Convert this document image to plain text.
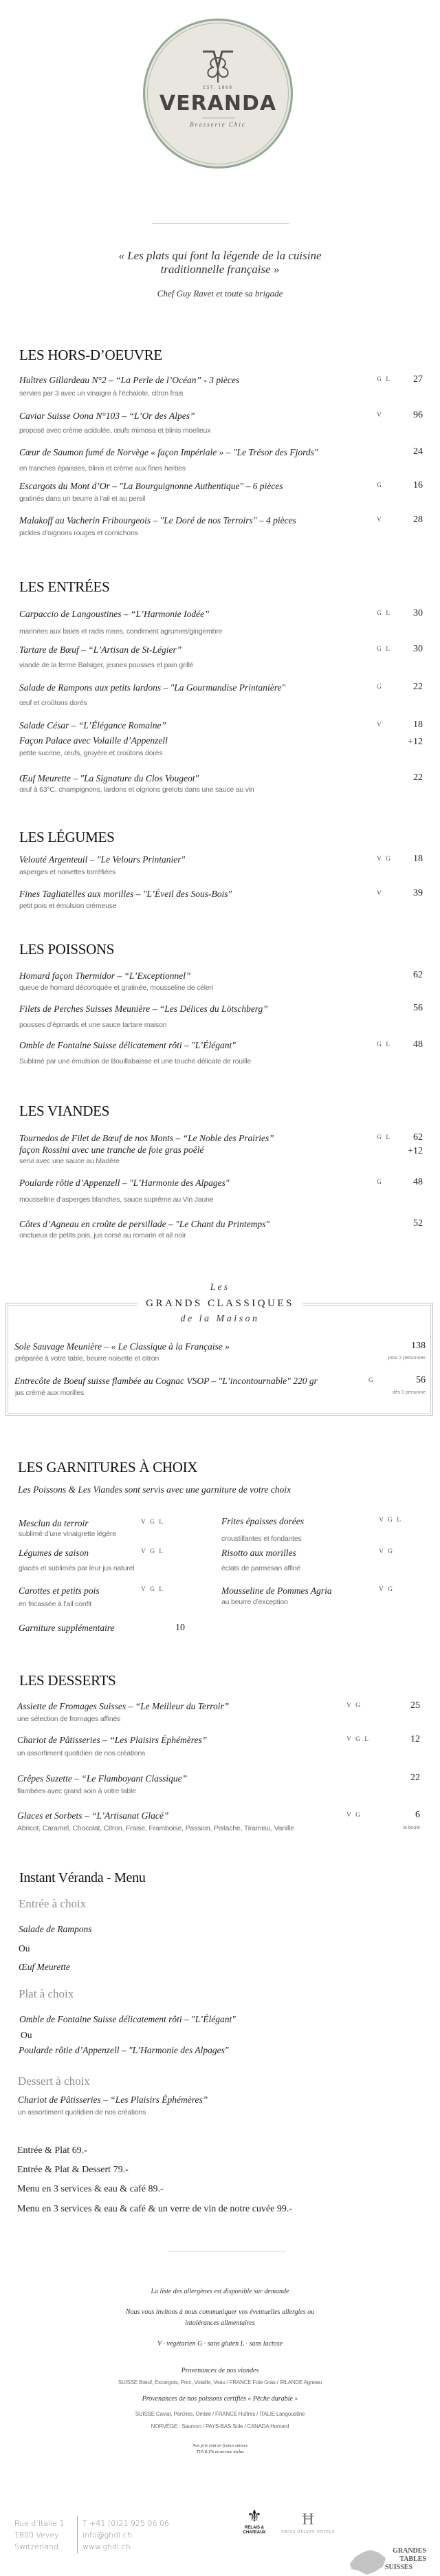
EST. 1868
VERANDA
Brasserie Chic
« Les plats qui font la légende de la cuisine
traditionnelle française »
Chef Guy Ravet et toute sa brigade
Les
GRANDS CLASSIQUES
de la Maison
LES HORS-D’OEUVRE
Huîtres Gillardeau N°2 – “La Perle de l’Océan” - 3 pièces
servies par 3 avec un vinaigre à l’échalote, citron frais
G L 27
Caviar Suisse Oona N°103 – “L’Or des Alpes”
proposé avec crème acidulée, œufs mimosa et blinis moelleux
V	96
Cœur de Saumon fumé de Norvège « façon Impériale » – "Le Trésor des Fjords"
en tranches épaisses, blinis et crème aux fines herbes
24
Escargots du Mont d’Or – "La Bourguignonne Authentique" – 6 pièces
gratinés dans un beurre à l’ail et au persil
G	16
Malakoff au Vacherin Fribourgeois – "Le Doré de nos Terroirs" – 4 pièces
pickles d’oignons rouges et cornichons
V	28
LES ENTRÉES
Carpaccio de Langoustines – “L’Harmonie Iodée”
marinées aux baies et radis roses, condiment agrumes/gingembre
G L 30
Tartare de Bœuf – “L’Artisan de St-Légier”
viande de la ferme Balsiger, jeunes pousses et pain grillé
G L 30
Salade de Rampons aux petits lardons – "La Gourmandise Printanière"
œuf et croûtons dorés
G	22
Salade César – “L’Élégance Romaine”
Façon Palace avec Volaille d’Appenzell
petite sucrine, œufs, gruyère et croûtons dorés
V	18
+12
Œuf Meurette – "La Signature du Clos Vougeot"
œuf à 63°C, champignons, lardons et oignons grelots dans une sauce au vin
22
LES LÉGUMES
Velouté Argenteuil – "Le Velours Printanier"
asperges et noisettes torréfiées
V G 18
Fines Tagliatelles aux morilles – "L’Éveil des Sous-Bois"
petit pois et émulsion crémeuse
V	39
LES POISSONS
Homard façon Thermidor – “L’Exceptionnel”
queue de homard décortiquée et gratinée, mousseline de céleri
62
Filets de Perches Suisses Meunière – “Les Délices du Lötschberg”
pousses d’épinards et une sauce tartare maison
56
Omble de Fontaine Suisse délicatement rôti – "L’Élégant"
Sublimé par une émulsion de Bouillabaisse et une touche délicate de rouille
G L 48
LES VIANDES
Tournedos de Filet de Bœuf de nos Monts – “Le Noble des Prairies”
façon Rossini avec une tranche de foie gras poêlé
servi avec une sauce au Madère
G L 62
+12
Poularde rôtie d’Appenzell – "L’Harmonie des Alpages"
mousseline d’asperges blanches, sauce suprême au Vin Jaune
G	48
Côtes d’Agneau en croûte de persillade – "Le Chant du Printemps"
onctueux de petits pois, jus corsé au romarin et ail noir
52
LES DESSERTS
Assiette de Fromages Suisses – “Le Meilleur du Terroir”
une sélection de fromages affinés
V G	25
Chariot de Pâtisseries – “Les Plaisirs Éphémères”
un assortiment quotidien de nos créations
V G L	12
Crêpes Suzette – “Le Flamboyant Classique”
flambées avec grand soin à votre table
22
Glaces et Sorbets – “L’Artisanat Glacé”
Abricot, Caramel, Chocolat, Citron, Fraise, Framboise, Passion, Pistache, Tiramisu, Vanille
V G	6
la boule
Sole Sauvage Meunière – « Le Classique à la Française »
préparée à votre table, beurre noisette et citron
138
pour 2 personnes
Entrecôte de Boeuf suisse flambée au Cognac VSOP – "L’incontournable" 220 gr
jus crémé aux morilles
G	56
dès 1 personne
LES GARNITURES À CHOIX
Les Poissons & Les Viandes sont servis avec une garniture de votre choix
Mesclun du terroir
sublimé d’une vinaigrette légère
V G L
Légumes de saison
glacés et sublimés par leur jus naturel
V G L
Carottes et petits pois
en fricassée à l’ail confit
V G L
Frites épaisses dorées
croustillantes et fondantes
V G L
Risotto aux morilles
éclats de parmesan affiné
V G
Mousseline de Pommes Agria
au beurre d’exception
V G
Garniture supplémentaire	10
Instant Véranda - Menu
Entrée à choix
Salade de Rampons
Ou
Œuf Meurette
Plat à choix
Omble de Fontaine Suisse délicatement rôti – "L’Élégant"
Ou
Poularde rôtie d’Appenzell – "L’Harmonie des Alpages"
Dessert à choix
Chariot de Pâtisseries – “Les Plaisirs Éphémères”
un assortiment quotidien de nos créations
Entrée & Plat 69.-
Entrée & Plat & Dessert 79.-
Menu en 3 services & eau & café 89.-
Menu en 3 services & eau & café & un verre de vin de notre cuvée 99.-
La liste des allergènes est disponible sur demande
Nous vous invitons à nous communiquer vos éventuelles allergies ou
intolérances alimentaires
V · végétarien G · sans gluten L · sans lactose
Provenances de nos viandes
SUISSE Bœuf, Escargots, Porc, Volaille, Veau / FRANCE Foie Gras / IRLANDE Agneau
Provenances de nos poissons certifiés « Pêche durable »
SUISSE Caviar, Perches, Omble / FRANCE Huîtres / ITALIE Langoustine
NORVÈGE : Saumon / PAYS-BAS Sole / CANADA Homard
Nos prix sont en francs suisses
TVA 8.1% et service inclus
Rue d’Italie 1
1800 Vevey
Switzerland
T +41 (0)21 925 06 06
info@ghdl.ch
www.ghdl.ch
⚜
RELAIS &
CHATEAUX
Ħ
SWISS DELUXE HOTELS
GRANDES
TABLES

SUISSES
